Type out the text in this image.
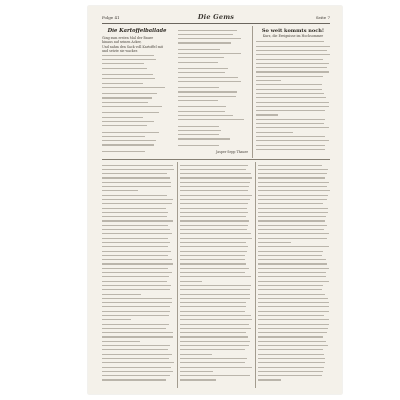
Folge 41	Die Gems	Seite 7
Die Kartoffelballade
Ging zum ersten Mal der Bauer
hinaus auf seinen Acker,
Und nahm den Sack voll Kartoffel mit
und setzte sie wacker.
Jasper Sepp Thauer
So weit kommts noch!
Kurz, die Ereignisse im Hochsommer
